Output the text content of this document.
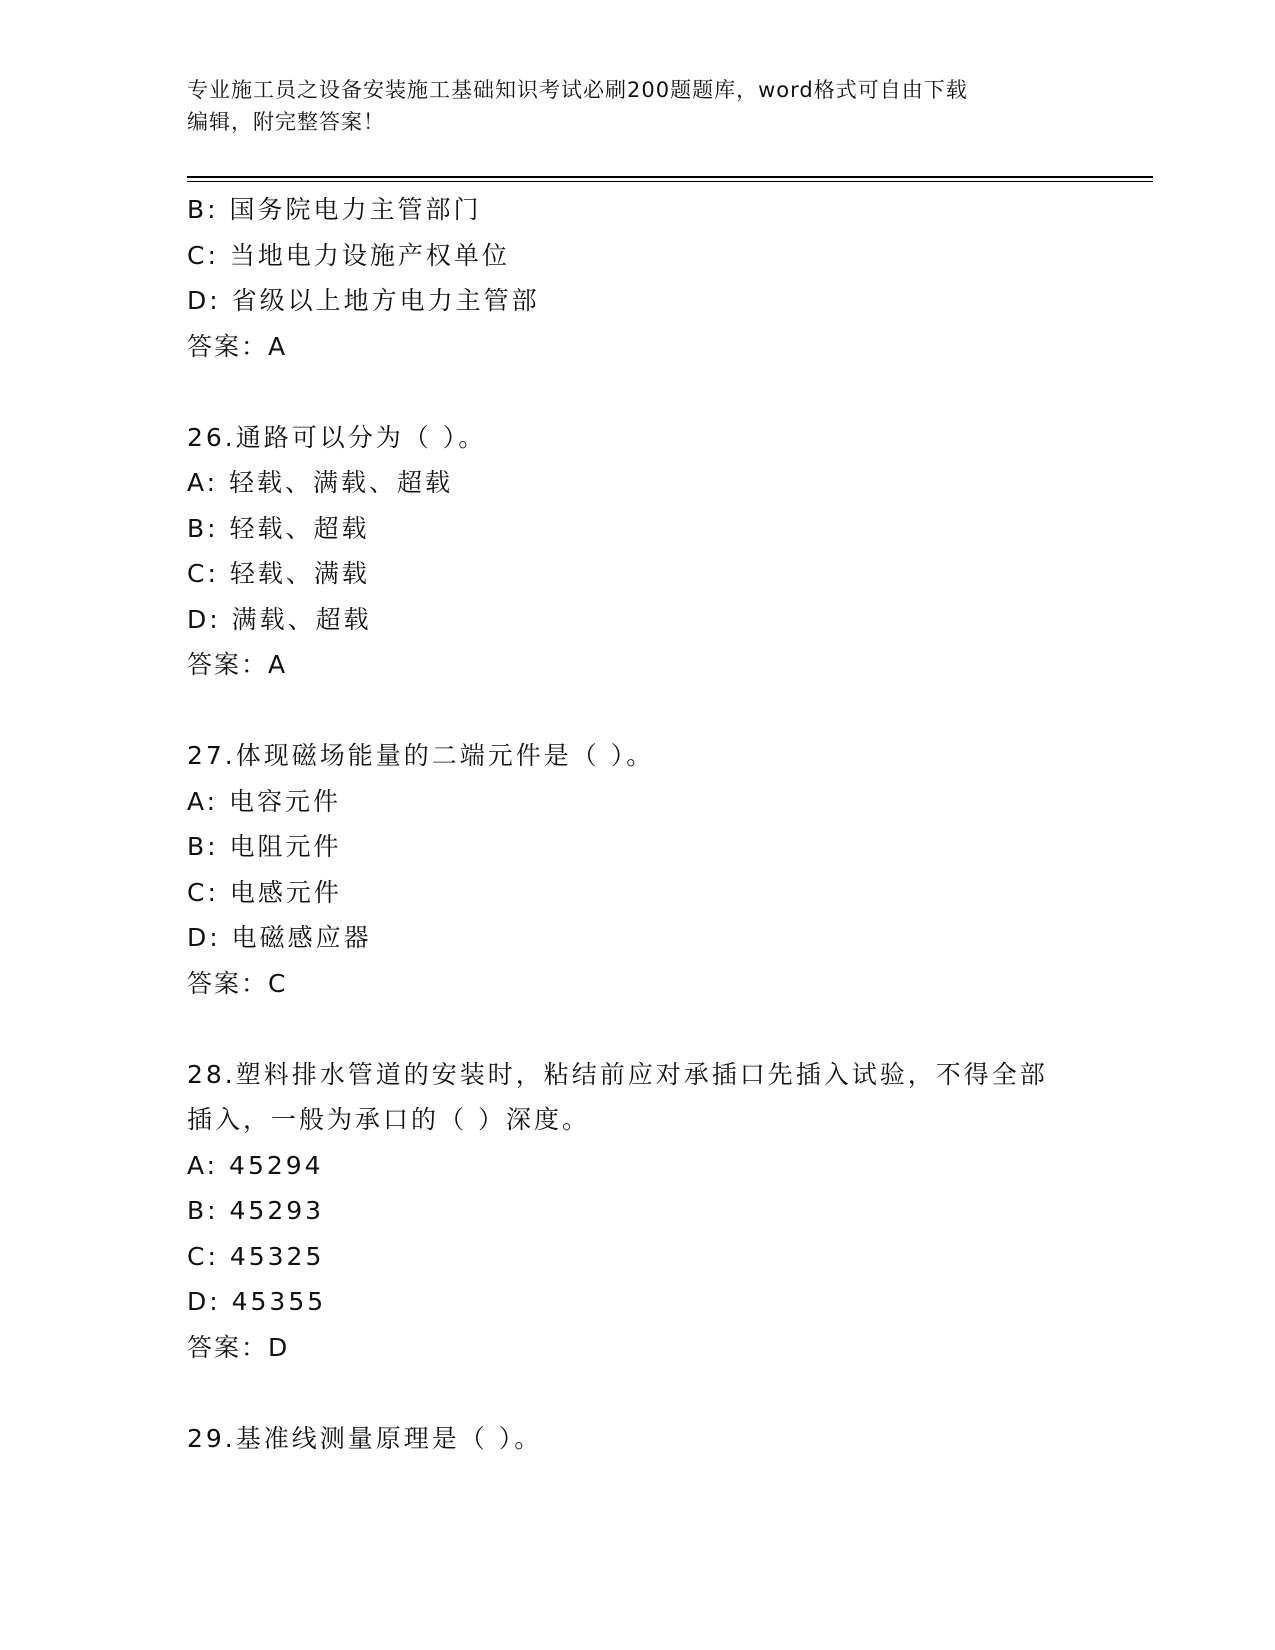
专业施工员之设备安装施工基础知识考试必刷200题题库，word格式可自由下载
编辑，附完整答案！
B: 国务院电力主管部门
C: 当地电力设施产权单位
D: 省级以上地方电力主管部
答案：A
26.通路可以分为（ ）。
A: 轻载、满载、超载
B: 轻载、超载
C: 轻载、满载
D: 满载、超载
答案：A
27.体现磁场能量的二端元件是（ ）。
A: 电容元件
B: 电阻元件
C: 电感元件
D: 电磁感应器
答案：C
28.塑料排水管道的安装时，粘结前应对承插口先插入试验，不得全部
插入，一般为承口的（ ）深度。
A: 45294
B: 45293
C: 45325
D: 45355
答案：D
29.基准线测量原理是（ ）。
